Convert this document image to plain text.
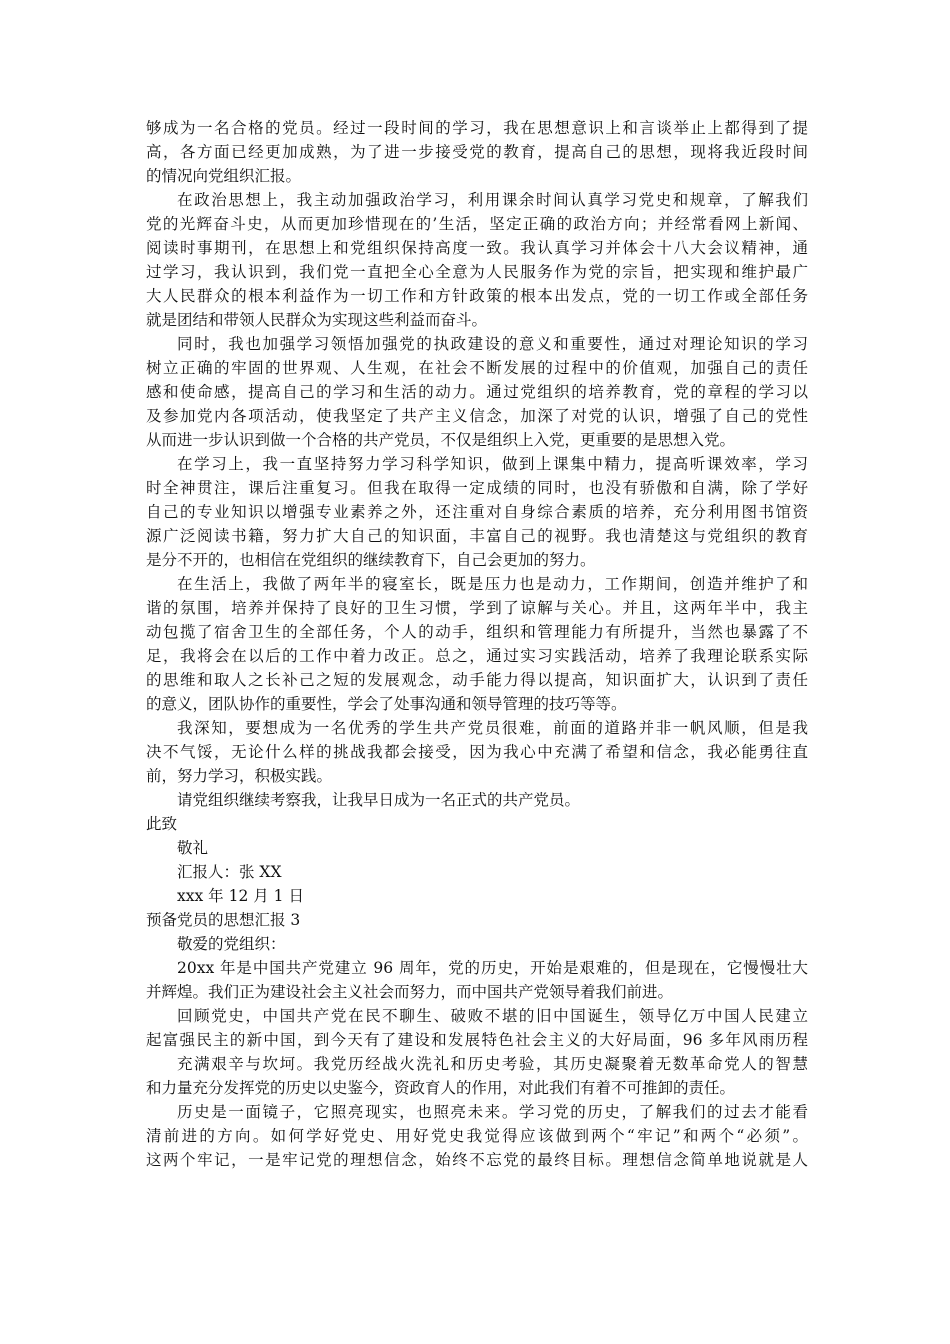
够成为一名合格的党员。经过一段时间的学习，我在思想意识上和言谈举止上都得到了提
高，各方面已经更加成熟，为了进一步接受党的教育，提高自己的思想，现将我近段时间
的情况向党组织汇报。
在政治思想上，我主动加强政治学习，利用课余时间认真学习党史和规章，了解我们
党的光辉奋斗史，从而更加珍惜现在的’生活，坚定正确的政治方向；并经常看网上新闻、
阅读时事期刊，在思想上和党组织保持高度一致。我认真学习并体会十八大会议精神，通
过学习，我认识到，我们党一直把全心全意为人民服务作为党的宗旨，把实现和维护最广
大人民群众的根本利益作为一切工作和方针政策的根本出发点，党的一切工作或全部任务
就是团结和带领人民群众为实现这些利益而奋斗。
同时，我也加强学习领悟加强党的执政建设的意义和重要性，通过对理论知识的学习
树立正确的牢固的世界观、人生观，在社会不断发展的过程中的价值观，加强自己的责任
感和使命感，提高自己的学习和生活的动力。通过党组织的培养教育，党的章程的学习以
及参加党内各项活动，使我坚定了共产主义信念，加深了对党的认识，增强了自己的党性
从而进一步认识到做一个合格的共产党员，不仅是组织上入党，更重要的是思想入党。
在学习上，我一直坚持努力学习科学知识，做到上课集中精力，提高听课效率，学习
时全神贯注，课后注重复习。但我在取得一定成绩的同时，也没有骄傲和自满，除了学好
自己的专业知识以增强专业素养之外，还注重对自身综合素质的培养，充分利用图书馆资
源广泛阅读书籍，努力扩大自己的知识面，丰富自己的视野。我也清楚这与党组织的教育
是分不开的，也相信在党组织的继续教育下，自己会更加的努力。
在生活上，我做了两年半的寝室长，既是压力也是动力，工作期间，创造并维护了和
谐的氛围，培养并保持了良好的卫生习惯，学到了谅解与关心。并且，这两年半中，我主
动包揽了宿舍卫生的全部任务，个人的动手，组织和管理能力有所提升，当然也暴露了不
足，我将会在以后的工作中着力改正。总之，通过实习实践活动，培养了我理论联系实际
的思维和取人之长补己之短的发展观念，动手能力得以提高，知识面扩大，认识到了责任
的意义，团队协作的重要性，学会了处事沟通和领导管理的技巧等等。
我深知，要想成为一名优秀的学生共产党员很难，前面的道路并非一帆风顺，但是我
决不气馁，无论什么样的挑战我都会接受，因为我心中充满了希望和信念，我必能勇往直
前，努力学习，积极实践。
请党组织继续考察我，让我早日成为一名正式的共产党员。
此致
敬礼
汇报人：张 XX
xxx 年 12 月 1 日
预备党员的思想汇报 3
敬爱的党组织：
20xx 年是中国共产党建立 96 周年，党的历史，开始是艰难的，但是现在，它慢慢壮大
并辉煌。我们正为建设社会主义社会而努力，而中国共产党领导着我们前进。
回顾党史，中国共产党在民不聊生、破败不堪的旧中国诞生，领导亿万中国人民建立
起富强民主的新中国，到今天有了建设和发展特色社会主义的大好局面，96 多年风雨历程
充满艰辛与坎坷。我党历经战火洗礼和历史考验，其历史凝聚着无数革命党人的智慧
和力量充分发挥党的历史以史鉴今，资政育人的作用，对此我们有着不可推卸的责任。
历史是一面镜子，它照亮现实，也照亮未来。学习党的历史，了解我们的过去才能看
清前进的方向。如何学好党史、用好党史我觉得应该做到两个“牢记”和两个“必须”。
这两个牢记，一是牢记党的理想信念，始终不忘党的最终目标。理想信念简单地说就是人
